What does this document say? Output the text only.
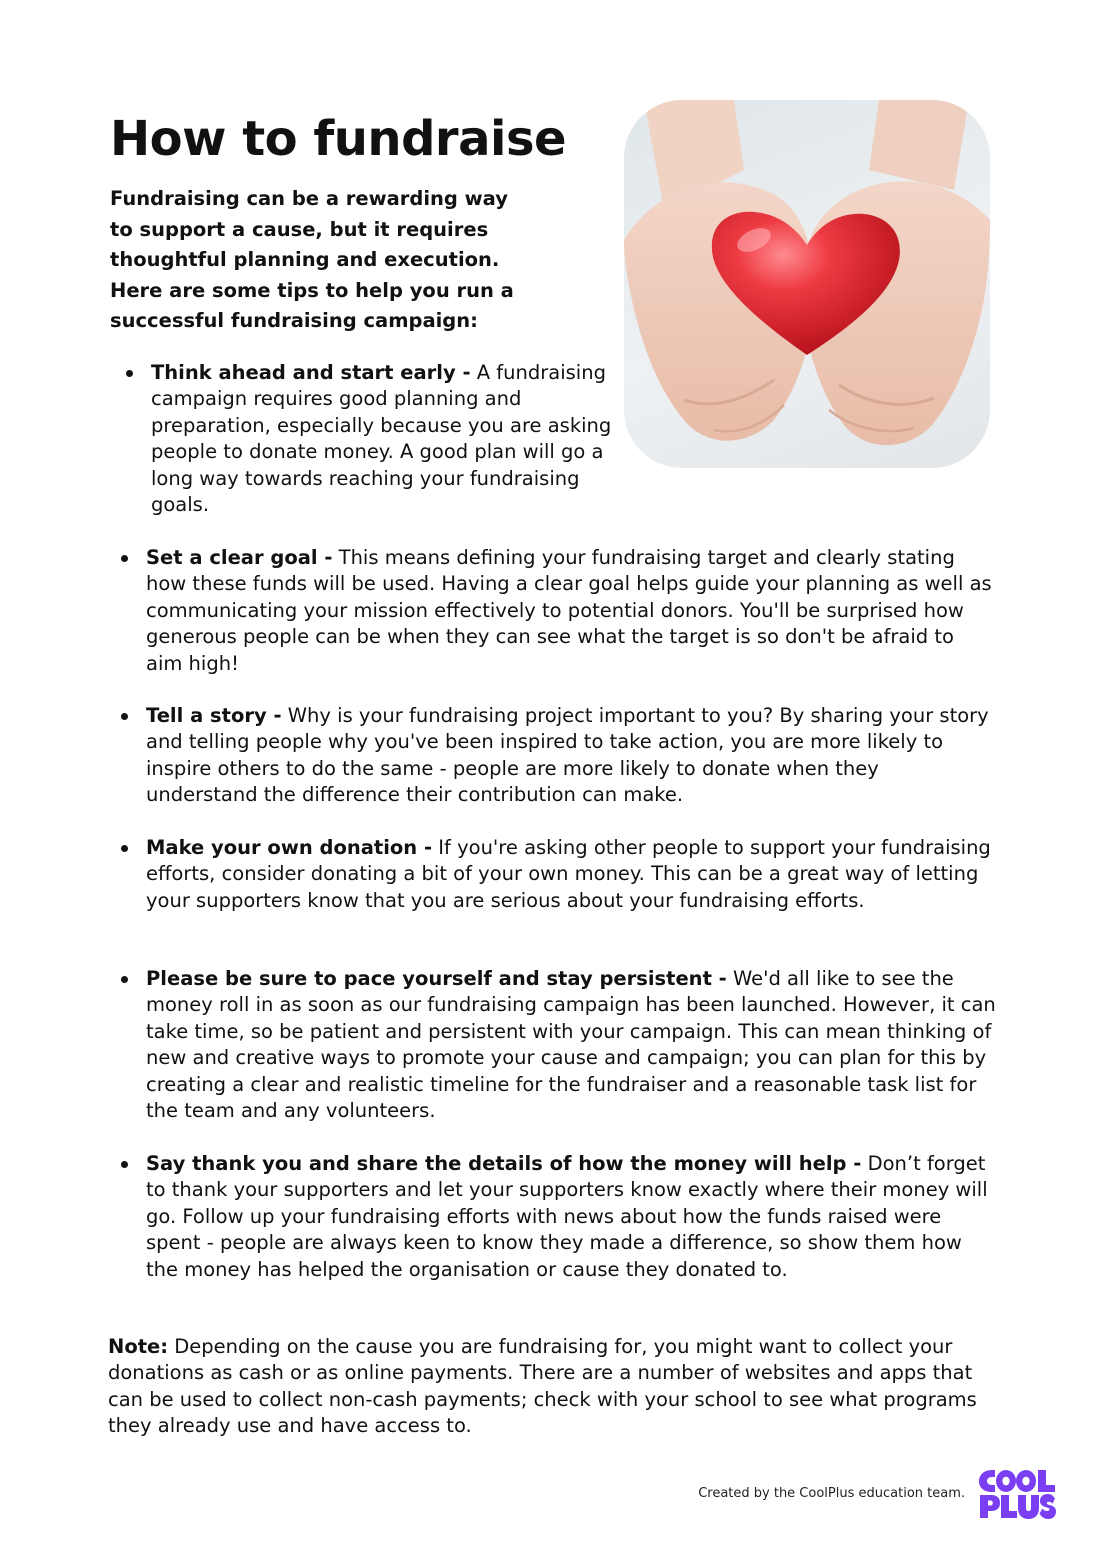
How to fundraise

Fundraising can be a rewarding way to support a cause, but it requires thoughtful planning and execution. Here are some tips to help you run a successful fundraising campaign:

Think ahead and start early - A fundraising campaign requires good planning and preparation, especially because you are asking people to donate money. A good plan will go a long way towards reaching your fundraising goals.
Set a clear goal - This means defining your fundraising target and clearly stating how these funds will be used. Having a clear goal helps guide your planning as well as communicating your mission effectively to potential donors. You'll be surprised how generous people can be when they can see what the target is so don't be afraid to aim high!
Tell a story - Why is your fundraising project important to you? By sharing your story and telling people why you've been inspired to take action, you are more likely to inspire others to do the same - people are more likely to donate when they understand the difference their contribution can make.
Make your own donation - If you're asking other people to support your fundraising efforts, consider donating a bit of your own money. This can be a great way of letting your supporters know that you are serious about your fundraising efforts.
Please be sure to pace yourself and stay persistent - We'd all like to see the money roll in as soon as our fundraising campaign has been launched. However, it can take time, so be patient and persistent with your campaign. This can mean thinking of new and creative ways to promote your cause and campaign; you can plan for this by creating a clear and realistic timeline for the fundraiser and a reasonable task list for the team and any volunteers.
Say thank you and share the details of how the money will help - Don’t forget to thank your supporters and let your supporters know exactly where their money will go. Follow up your fundraising efforts with news about how the funds raised were spent - people are always keen to know they made a difference, so show them how the money has helped the organisation or cause they donated to.

Note: Depending on the cause you are fundraising for, you might want to collect your donations as cash or as online payments. There are a number of websites and apps that can be used to collect non-cash payments; check with your school to see what programs they already use and have access to.

Created by the CoolPlus education team.
